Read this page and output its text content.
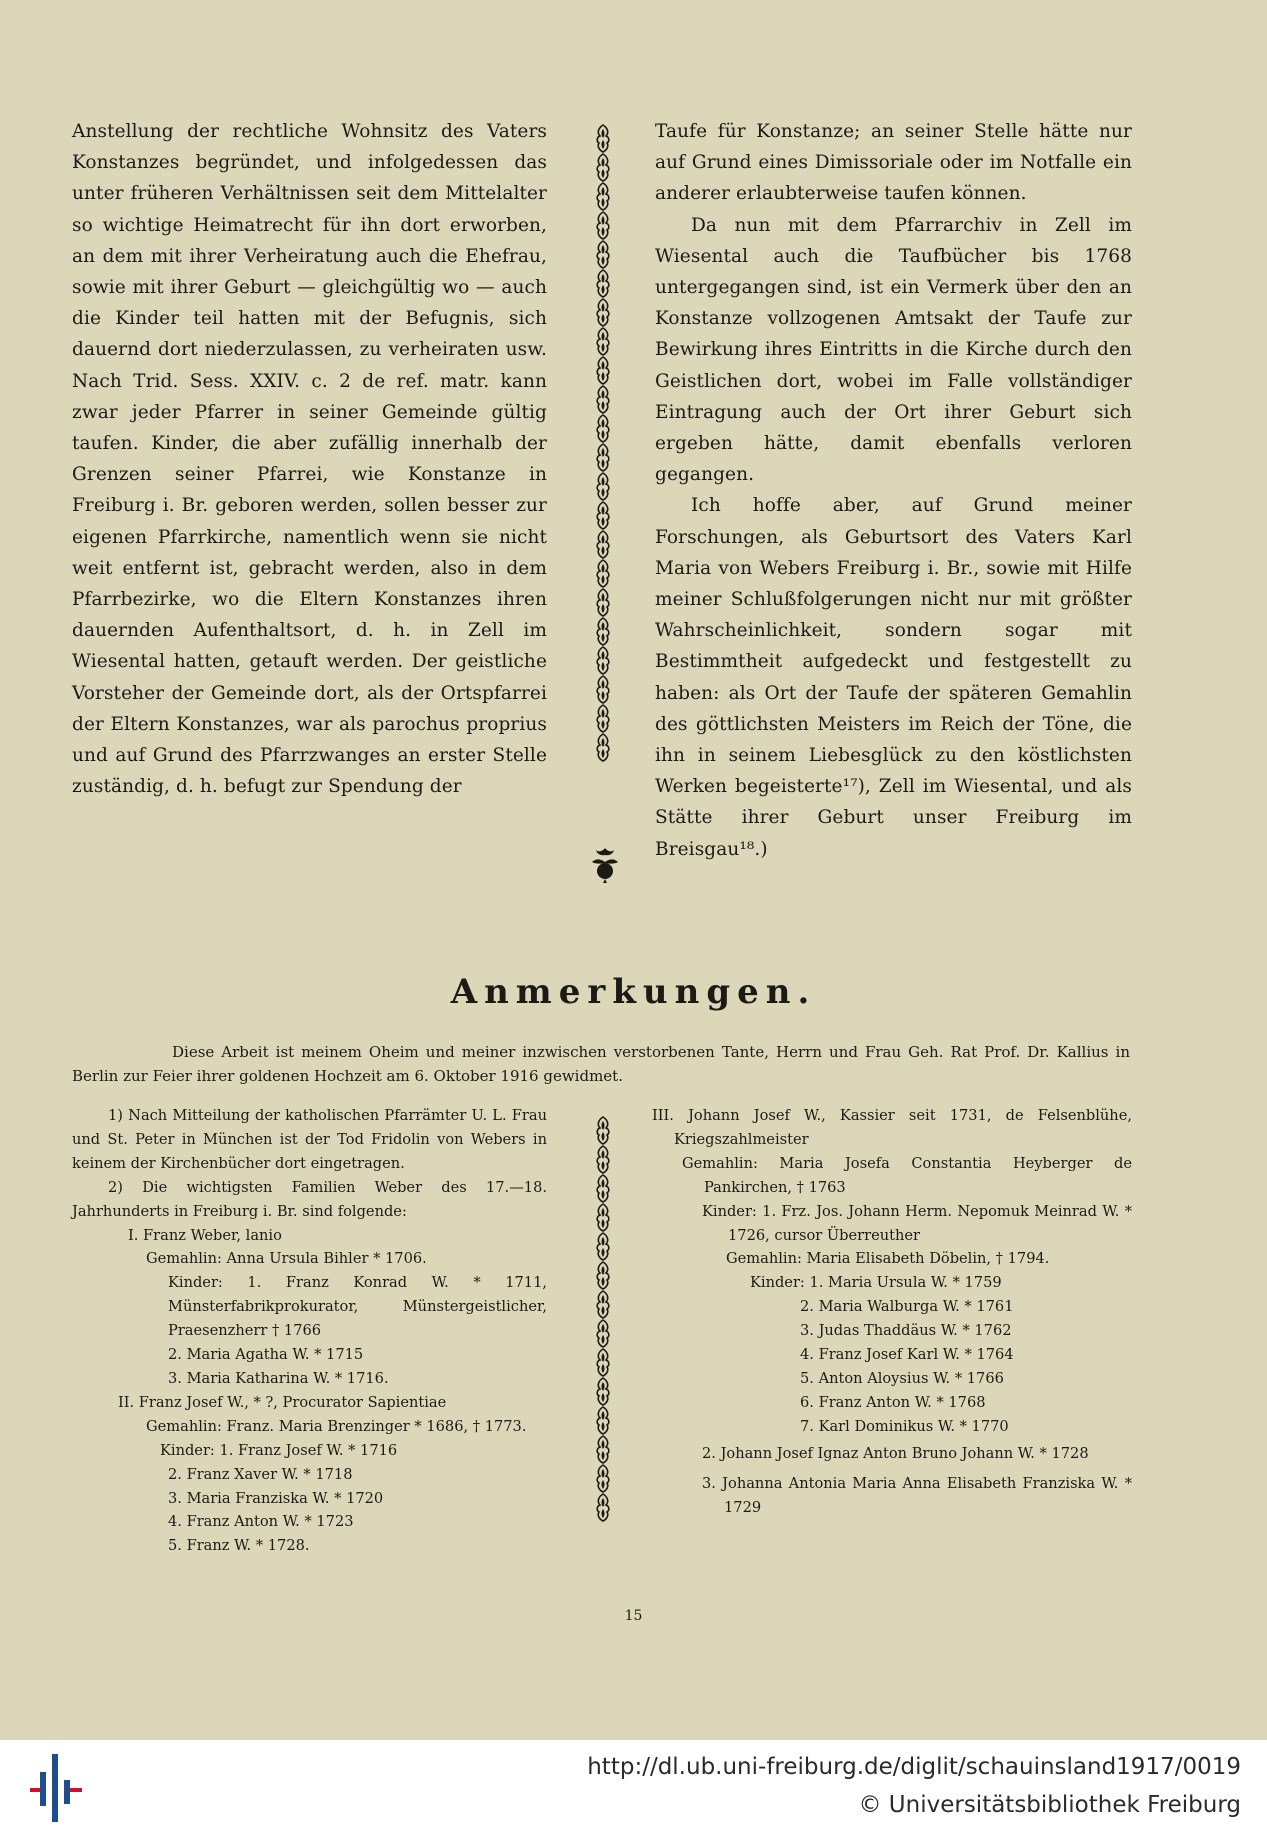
Anstellung der rechtliche Wohnsitz des Vaters Konstanzes begründet, und infolgedessen das unter früheren Verhältnissen seit dem Mittelalter so wichtige Heimatrecht für ihn dort erworben, an dem mit ihrer Verheiratung auch die Ehefrau, sowie mit ihrer Geburt — gleichgültig wo — auch die Kinder teil hatten mit der Befugnis, sich dauernd dort niederzulassen, zu verheiraten usw. Nach Trid. Sess. XXIV. c. 2 de ref. matr. kann zwar jeder Pfarrer in seiner Gemeinde gültig taufen. Kinder, die aber zufällig innerhalb der Grenzen seiner Pfarrei, wie Konstanze in Freiburg i. Br. geboren werden, sollen besser zur eigenen Pfarrkirche, namentlich wenn sie nicht weit entfernt ist, gebracht werden, also in dem Pfarrbezirke, wo die Eltern Konstanzes ihren dauernden Aufenthaltsort, d. h. in Zell im Wiesental hatten, getauft werden. Der geistliche Vorsteher der Gemeinde dort, als der Ortspfarrei der Eltern Konstanzes, war als parochus proprius und auf Grund des Pfarrzwanges an erster Stelle zuständig, d. h. befugt zur Spendung der

Taufe für Konstanze; an seiner Stelle hätte nur auf Grund eines Dimissoriale oder im Notfalle ein anderer erlaubterweise taufen können.

Da nun mit dem Pfarrarchiv in Zell im Wiesental auch die Taufbücher bis 1768 untergegangen sind, ist ein Vermerk über den an Konstanze vollzogenen Amtsakt der Taufe zur Bewirkung ihres Eintritts in die Kirche durch den Geistlichen dort, wobei im Falle vollständiger Eintragung auch der Ort ihrer Geburt sich ergeben hätte, damit ebenfalls verloren gegangen.

Ich hoffe aber, auf Grund meiner Forschungen, als Geburtsort des Vaters Karl Maria von Webers Freiburg i. Br., sowie mit Hilfe meiner Schlußfolgerungen nicht nur mit größter Wahrscheinlichkeit, sondern sogar mit Bestimmtheit aufgedeckt und festgestellt zu haben: als Ort der Taufe der späteren Gemahlin des göttlichsten Meisters im Reich der Töne, die ihn in seinem Liebesglück zu den köstlichsten Werken begeisterte¹⁷), Zell im Wiesental, und als Stätte ihrer Geburt unser Freiburg im Breisgau¹⁸.)

Anmerkungen.
Diese Arbeit ist meinem Oheim und meiner inzwischen verstorbenen Tante, Herrn und Frau Geh. Rat Prof. Dr. Kallius in Berlin zur Feier ihrer goldenen Hochzeit am 6. Oktober 1916 gewidmet.

1) Nach Mitteilung der katholischen Pfarrämter U. L. Frau und St. Peter in München ist der Tod Fridolin von Webers in keinem der Kirchenbücher dort eingetragen.

2) Die wichtigsten Familien Weber des 17.—18. Jahrhunderts in Freiburg i. Br. sind folgende:

I. Franz Weber, lanio

Gemahlin: Anna Ursula Bihler * 1706.

Kinder: 1. Franz Konrad W. * 1711, Münsterfabrikprokurator, Münstergeistlicher, Praesenzherr † 1766

2. Maria Agatha W. * 1715

3. Maria Katharina W. * 1716.

II. Franz Josef W., * ?, Procurator Sapientiae

Gemahlin: Franz. Maria Brenzinger * 1686, † 1773.

Kinder: 1. Franz Josef W. * 1716

2. Franz Xaver W. * 1718

3. Maria Franziska W. * 1720

4. Franz Anton W. * 1723

5. Franz W. * 1728.

III. Johann Josef W., Kassier seit 1731, de Felsenblühe, Kriegszahlmeister

Gemahlin: Maria Josefa Constantia Heyberger de Pankirchen, † 1763

Kinder: 1. Frz. Jos. Johann Herm. Nepomuk Meinrad W. * 1726, cursor Überreuther

Gemahlin: Maria Elisabeth Döbelin, † 1794.

Kinder: 1. Maria Ursula W. * 1759

2. Maria Walburga W. * 1761

3. Judas Thaddäus W. * 1762

4. Franz Josef Karl W. * 1764

5. Anton Aloysius W. * 1766

6. Franz Anton W. * 1768

7. Karl Dominikus W. * 1770

2. Johann Josef Ignaz Anton Bruno Johann W. * 1728

3. Johanna Antonia Maria Anna Elisabeth Franziska W. * 1729

15
http://dl.ub.uni-freiburg.de/diglit/schauinsland1917/0019
© Universitätsbibliothek Freiburg
